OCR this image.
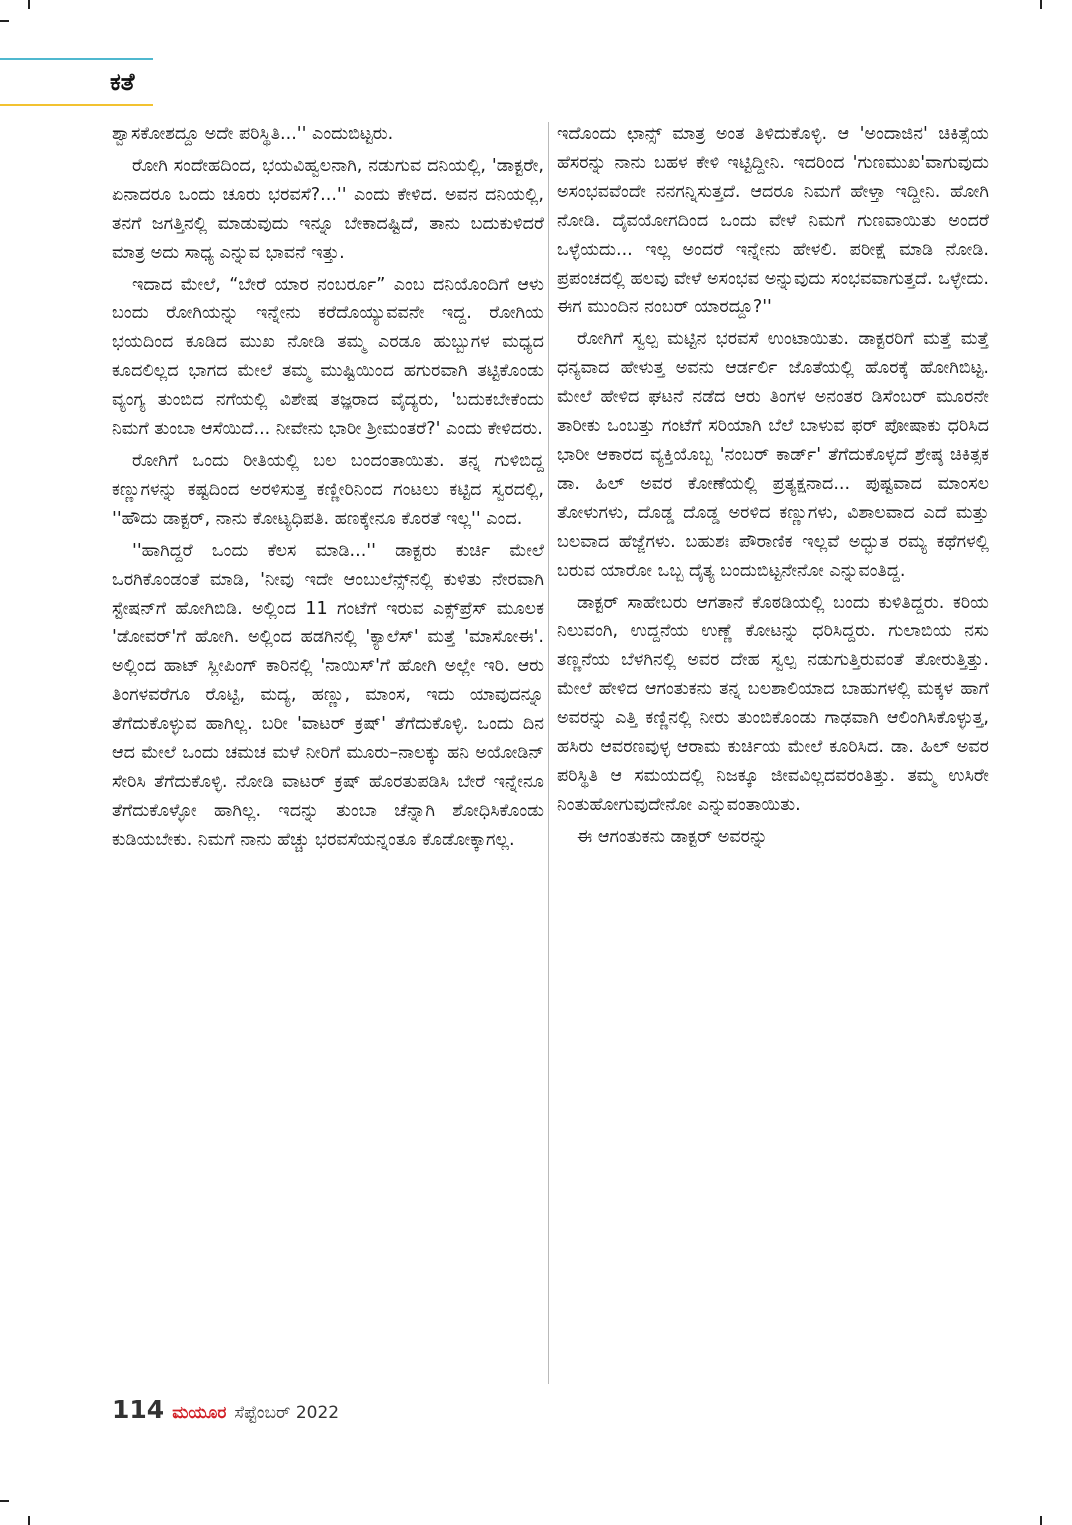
ಕತೆ

ಶ್ವಾಸಕೋಶದ್ದೂ ಅದೇ ಪರಿಸ್ಥಿತಿ...'' ಎಂದುಬಿಟ್ಟರು.

ರೋಗಿ ಸಂದೇಹದಿಂದ, ಭಯವಿಹ್ವಲನಾಗಿ, ನಡುಗುವ ದನಿಯಲ್ಲಿ, 'ಡಾಕ್ಟರೇ, ಏನಾದರೂ ಒಂದು ಚೂರು ಭರವಸೆ?...'' ಎಂದು ಕೇಳಿದ. ಅವನ ದನಿಯಲ್ಲಿ, ತನಗೆ ಜಗತ್ತಿನಲ್ಲಿ ಮಾಡುವುದು ಇನ್ನೂ ಬೇಕಾದಷ್ಟಿದೆ, ತಾನು ಬದುಕುಳಿದರೆ ಮಾತ್ರ ಅದು ಸಾಧ್ಯ ಎನ್ನುವ ಭಾವನೆ ಇತ್ತು.

ಇದಾದ ಮೇಲೆ, “ಬೇರೆ ಯಾರ ನಂಬರ್ರೂ” ಎಂಬ ದನಿಯೊಂದಿಗೆ ಆಳು ಬಂದು ರೋಗಿಯನ್ನು ಇನ್ನೇನು ಕರೆದೊಯ್ಯುವವನೇ ಇದ್ದ. ರೋಗಿಯ ಭಯದಿಂದ ಕೂಡಿದ ಮುಖ ನೋಡಿ ತಮ್ಮ ಎರಡೂ ಹುಬ್ಬುಗಳ ಮಧ್ಯದ ಕೂದಲಿಲ್ಲದ ಭಾಗದ ಮೇಲೆ ತಮ್ಮ ಮುಷ್ಟಿಯಿಂದ ಹಗುರವಾಗಿ ತಟ್ಟಿಕೊಂಡು ವ್ಯಂಗ್ಯ ತುಂಬಿದ ನಗೆಯಲ್ಲಿ ವಿಶೇಷ ತಜ್ಞರಾದ ವೈದ್ಯರು, 'ಬದುಕಬೇಕೆಂದು ನಿಮಗೆ ತುಂಬಾ ಆಸೆಯಿದೆ... ನೀವೇನು ಭಾರೀ ಶ್ರೀಮಂತರೆ?' ಎಂದು ಕೇಳಿದರು.

ರೋಗಿಗೆ ಒಂದು ರೀತಿಯಲ್ಲಿ ಬಲ ಬಂದಂತಾಯಿತು. ತನ್ನ ಗುಳಿಬಿದ್ದ ಕಣ್ಣುಗಳನ್ನು ಕಷ್ಟದಿಂದ ಅರಳಿಸುತ್ತ ಕಣ್ಣೀರಿನಿಂದ ಗಂಟಲು ಕಟ್ಟಿದ ಸ್ವರದಲ್ಲಿ, ''ಹೌದು ಡಾಕ್ಟರ್, ನಾನು ಕೋಟ್ಯಧಿಪತಿ. ಹಣಕ್ಕೇನೂ ಕೊರತೆ ಇಲ್ಲ'' ಎಂದ.

''ಹಾಗಿದ್ದರೆ ಒಂದು ಕೆಲಸ ಮಾಡಿ...'' ಡಾಕ್ಟರು ಕುರ್ಚಿ ಮೇಲೆ ಒರಗಿಕೊಂಡಂತೆ ಮಾಡಿ, 'ನೀವು ಇದೇ ಆಂಬುಲೆನ್ಸ್‌ನಲ್ಲಿ ಕುಳಿತು ನೇರವಾಗಿ ಸ್ಟೇಷನ್‌ಗೆ ಹೋಗಿಬಿಡಿ. ಅಲ್ಲಿಂದ 11 ಗಂಟೆಗೆ ಇರುವ ಎಕ್ಸ್‌ಪ್ರೆಸ್ ಮೂಲಕ 'ಡೋವರ್'ಗೆ ಹೋಗಿ. ಅಲ್ಲಿಂದ ಹಡಗಿನಲ್ಲಿ 'ಕ್ಯಾಲೆಸ್' ಮತ್ತೆ 'ಮಾಸೋಈ'. ಅಲ್ಲಿಂದ ಹಾಟ್ ಸ್ಲೀಪಿಂಗ್ ಕಾರಿನಲ್ಲಿ 'ನಾಯಿಸ್'ಗೆ ಹೋಗಿ ಅಲ್ಲೇ ಇರಿ. ಆರು ತಿಂಗಳವರೆಗೂ ರೊಟ್ಟಿ, ಮದ್ಯ, ಹಣ್ಣು, ಮಾಂಸ, ಇದು ಯಾವುದನ್ನೂ ತೆಗೆದುಕೊಳ್ಳುವ ಹಾಗಿಲ್ಲ. ಬರೀ 'ವಾಟರ್ ಕ್ರಷ್' ತೆಗೆದುಕೊಳ್ಳಿ. ಒಂದು ದಿನ ಆದ ಮೇಲೆ ಒಂದು ಚಮಚ ಮಳೆ ನೀರಿಗೆ ಮೂರು–ನಾಲಕ್ಕು ಹನಿ ಅಯೋಡಿನ್ ಸೇರಿಸಿ ತೆಗೆದುಕೊಳ್ಳಿ. ನೋಡಿ ವಾಟರ್ ಕ್ರಷ್ ಹೊರತುಪಡಿಸಿ ಬೇರೆ ಇನ್ನೇನೂ ತೆಗೆದುಕೊಳ್ಳೋ ಹಾಗಿಲ್ಲ. ಇದನ್ನು ತುಂಬಾ ಚೆನ್ನಾಗಿ ಶೋಧಿಸಿಕೊಂಡು ಕುಡಿಯಬೇಕು. ನಿಮಗೆ ನಾನು ಹೆಚ್ಚು ಭರವಸೆಯನ್ನಂತೂ ಕೊಡೋಕ್ಕಾಗಲ್ಲ.

ಇದೊಂದು ಛಾನ್ಸ್ ಮಾತ್ರ ಅಂತ ತಿಳಿದುಕೊಳ್ಳಿ. ಆ 'ಅಂದಾಜಿನ' ಚಿಕಿತ್ಸೆಯ ಹೆಸರನ್ನು ನಾನು ಬಹಳ ಕೇಳಿ ಇಟ್ಟಿದ್ದೀನಿ. ಇದರಿಂದ 'ಗುಣಮುಖ'ವಾಗುವುದು ಅಸಂಭವವೆಂದೇ ನನಗನ್ನಿಸುತ್ತದೆ. ಆದರೂ ನಿಮಗೆ ಹೇಳ್ತಾ ಇದ್ದೀನಿ. ಹೋಗಿ ನೋಡಿ. ದೈವಯೋಗದಿಂದ ಒಂದು ವೇಳೆ ನಿಮಗೆ ಗುಣವಾಯಿತು ಅಂದರೆ ಒಳ್ಳೆಯದು... ಇಲ್ಲ ಅಂದರೆ ಇನ್ನೇನು ಹೇಳಲಿ. ಪರೀಕ್ಷೆ ಮಾಡಿ ನೋಡಿ. ಪ್ರಪಂಚದಲ್ಲಿ ಹಲವು ವೇಳೆ ಅಸಂಭವ ಅನ್ನುವುದು ಸಂಭವವಾಗುತ್ತದೆ. ಒಳ್ಳೇದು. ಈಗ ಮುಂದಿನ ನಂಬರ್ ಯಾರದ್ದೂ?''

ರೋಗಿಗೆ ಸ್ವಲ್ಪ ಮಟ್ಟಿನ ಭರವಸೆ ಉಂಟಾಯಿತು. ಡಾಕ್ಟರರಿಗೆ ಮತ್ತೆ ಮತ್ತೆ ಧನ್ಯವಾದ ಹೇಳುತ್ತ ಅವನು ಆರ್ಡರ್ಲಿ ಜೊತೆಯಲ್ಲಿ ಹೊರಕ್ಕೆ ಹೋಗಿಬಿಟ್ಟ. ಮೇಲೆ ಹೇಳಿದ ಘಟನೆ ನಡೆದ ಆರು ತಿಂಗಳ ಅನಂತರ ಡಿಸೆಂಬರ್ ಮೂರನೇ ತಾರೀಕು ಒಂಬತ್ತು ಗಂಟೆಗೆ ಸರಿಯಾಗಿ ಬೆಲೆ ಬಾಳುವ ಫರ್ ಪೋಷಾಕು ಧರಿಸಿದ ಭಾರೀ ಆಕಾರದ ವ್ಯಕ್ತಿಯೊಬ್ಬ 'ನಂಬರ್ ಕಾರ್ಡ್' ತೆಗೆದುಕೊಳ್ಳದೆ ಶ್ರೇಷ್ಠ ಚಿಕಿತ್ಸಕ ಡಾ. ಹಿಲ್ ಅವರ ಕೋಣೆಯಲ್ಲಿ ಪ್ರತ್ಯಕ್ಷನಾದ... ಪುಷ್ಟವಾದ ಮಾಂಸಲ ತೋಳುಗಳು, ದೊಡ್ಡ ದೊಡ್ಡ ಅರಳಿದ ಕಣ್ಣುಗಳು, ವಿಶಾಲವಾದ ಎದೆ ಮತ್ತು ಬಲವಾದ ಹೆಜ್ಜೆಗಳು. ಬಹುಶಃ ಪೌರಾಣಿಕ ಇಲ್ಲವೆ ಅದ್ಭುತ ರಮ್ಯ ಕಥೆಗಳಲ್ಲಿ ಬರುವ ಯಾರೋ ಒಬ್ಬ ದೈತ್ಯ ಬಂದುಬಿಟ್ಟನೇನೋ ಎನ್ನುವಂತಿದ್ದ.

ಡಾಕ್ಟರ್ ಸಾಹೇಬರು ಆಗತಾನೆ ಕೊಠಡಿಯಲ್ಲಿ ಬಂದು ಕುಳಿತಿದ್ದರು. ಕರಿಯ ನಿಲುವಂಗಿ, ಉದ್ದನೆಯ ಉಣ್ಣೆ ಕೋಟನ್ನು ಧರಿಸಿದ್ದರು. ಗುಲಾಬಿಯ ನಸು ತಣ್ಣನೆಯ ಬೆಳಗಿನಲ್ಲಿ ಅವರ ದೇಹ ಸ್ವಲ್ಪ ನಡುಗುತ್ತಿರುವಂತೆ ತೋರುತ್ತಿತ್ತು. ಮೇಲೆ ಹೇಳಿದ ಆಗಂತುಕನು ತನ್ನ ಬಲಶಾಲಿಯಾದ ಬಾಹುಗಳಲ್ಲಿ ಮಕ್ಕಳ ಹಾಗೆ ಅವರನ್ನು ಎತ್ತಿ ಕಣ್ಣಿನಲ್ಲಿ ನೀರು ತುಂಬಿಕೊಂಡು ಗಾಢವಾಗಿ ಆಲಿಂಗಿಸಿಕೊಳ್ಳುತ್ತ, ಹಸಿರು ಆವರಣವುಳ್ಳ ಆರಾಮ ಕುರ್ಚಿಯ ಮೇಲೆ ಕೂರಿಸಿದ. ಡಾ. ಹಿಲ್ ಅವರ ಪರಿಸ್ಥಿತಿ ಆ ಸಮಯದಲ್ಲಿ ನಿಜಕ್ಕೂ ಜೀವವಿಲ್ಲದವರಂತಿತ್ತು. ತಮ್ಮ ಉಸಿರೇ ನಿಂತುಹೋಗುವುದೇನೋ ಎನ್ನುವಂತಾಯಿತು.

ಈ ಆಗಂತುಕನು ಡಾಕ್ಟರ್ ಅವರನ್ನು

114 ಮಯೂರ ಸೆಪ್ಟೆಂಬರ್ 2022
